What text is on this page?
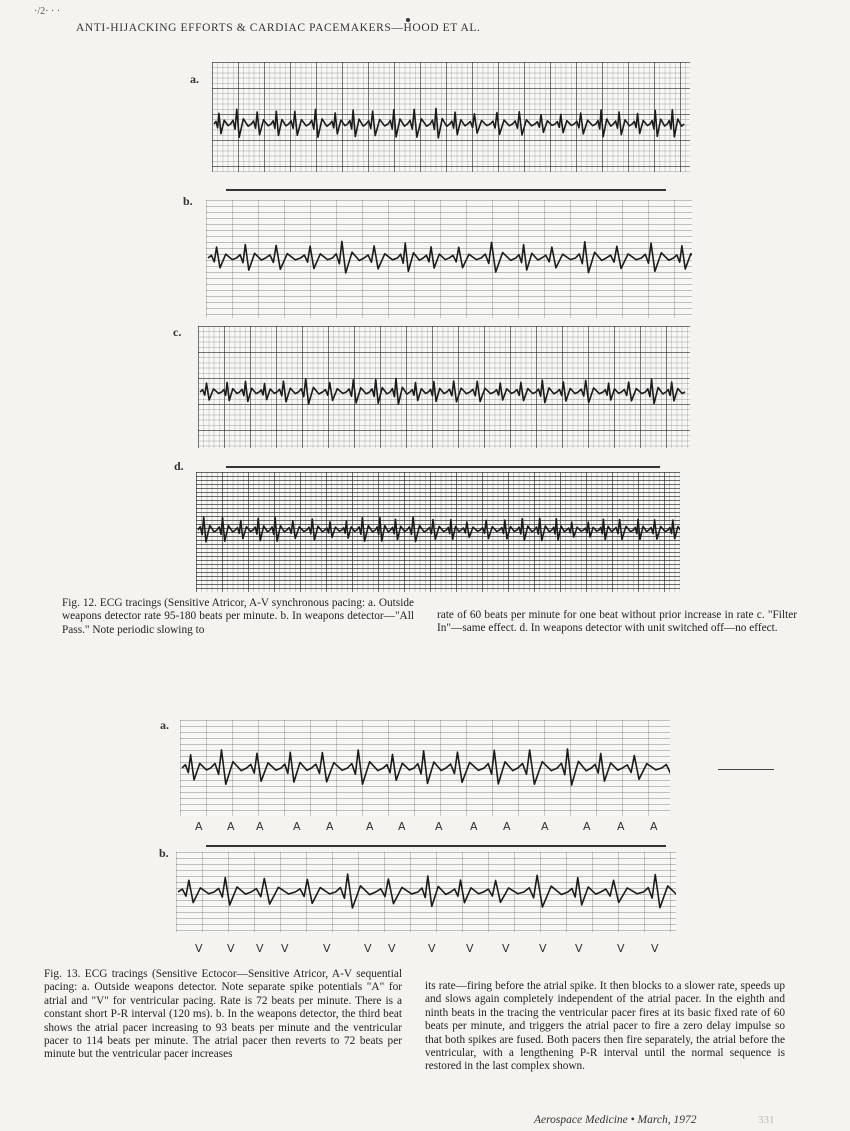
·/2· · ·
ANTI-HIJACKING EFFORTS & CARDIAC PACEMAKERS—HOOD ET AL.
a.
b.
c.
d.

Fig. 12. ECG tracings (Sensitive Atricor, A-V synchronous pacing: a. Outside weapons detector rate 95-180 beats per minute. b. In weapons detector—"All Pass." Note periodic slowing to

rate of 60 beats per minute for one beat without prior increase in rate c. "Filter In"—same effect. d. In weapons detector with unit switched off—no effect.

a.
A A A	A A	A A	A A A	A	A A A
b.
V V V V	V	V V	V	V	V	V	V	V V

Fig. 13. ECG tracings (Sensitive Ectocor—Sensitive Atricor, A-V sequential pacing: a. Outside weapons detector. Note separate spike potentials "A" for atrial and "V" for ventricular pacing. Rate is 72 beats per minute. There is a constant short P-R interval (120 ms). b. In the weapons detector, the third beat shows the atrial pacer increasing to 93 beats per minute and the ventricular pacer to 114 beats per minute. The atrial pacer then reverts to 72 beats per minute but the ventricular pacer increases

its rate—firing before the atrial spike. It then blocks to a slower rate, speeds up and slows again completely independent of the atrial pacer. In the eighth and ninth beats in the tracing the ventricular pacer fires at its basic fixed rate of 60 beats per minute, and triggers the atrial pacer to fire a zero delay impulse so that both spikes are fused. Both pacers then fire separately, the atrial before the ventricular, with a lengthening P-R interval until the normal sequence is restored in the last complex shown.

Aerospace Medicine • March, 1972	331
